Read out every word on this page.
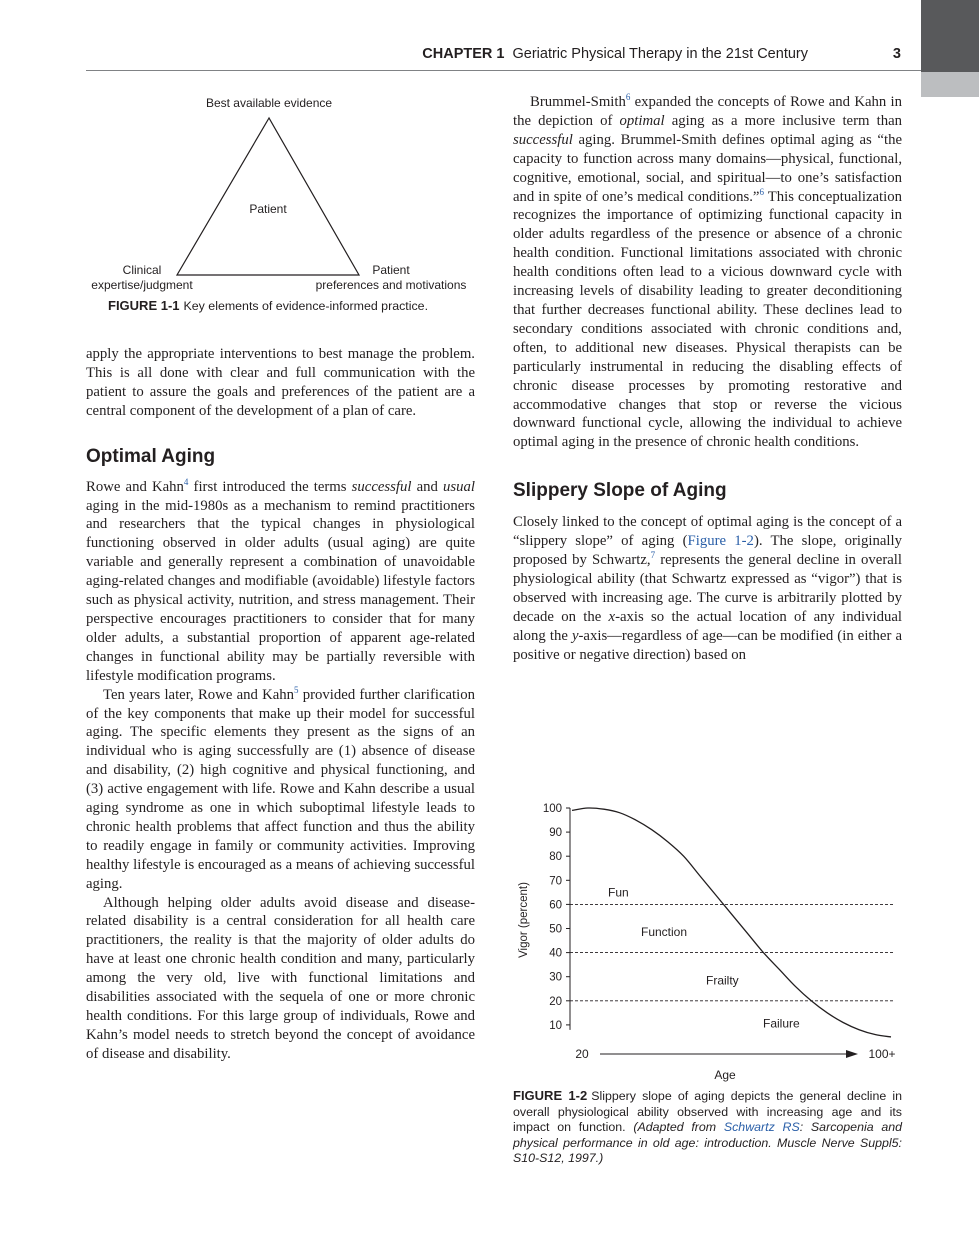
CHAPTER 1 Geriatric Physical Therapy in the 21st Century	3
Best available evidence
Patient
Clinical
expertise/judgment
Patient
preferences and motivations
FIGURE 1-1 Key elements of evidence-informed practice.

apply the appropriate interventions to best manage the problem. This is all done with clear and full communication with the patient to assure the goals and preferences of the patient are a central component of the development of a plan of care.

Optimal Aging

Rowe and Kahn$^4$ first introduced the terms successful and usual aging in the mid-1980s as a mechanism to remind practitioners and researchers that the typical changes in physiological functioning observed in older adults (usual aging) are quite variable and generally represent a combination of unavoidable aging-related changes and modifiable (avoidable) lifestyle factors such as physical activity, nutrition, and stress management. Their perspective encourages practitioners to consider that for many older adults, a substantial proportion of apparent age-related changes in functional ability may be partially reversible with lifestyle modification programs.

Ten years later, Rowe and Kahn$^5$ provided further clarification of the key components that make up their model for successful aging. The specific elements they present as the signs of an individual who is aging successfully are (1) absence of disease and disability, (2) high cognitive and physical functioning, and (3) active engagement with life. Rowe and Kahn describe a usual aging syndrome as one in which suboptimal lifestyle leads to chronic health problems that affect function and thus the ability to readily engage in family or community activities. Improving healthy lifestyle is encouraged as a means of achieving successful aging.

Although helping older adults avoid disease and disease-related disability is a central consideration for all health care practitioners, the reality is that the majority of older adults do have at least one chronic health condition and many, particularly among the very old, live with functional limitations and disabilities associated with the sequela of one or more chronic health conditions. For this large group of individuals, Rowe and Kahn’s model needs to stretch beyond the concept of avoidance of disease and disability.

Brummel-Smith$^6$ expanded the concepts of Rowe and Kahn in the depiction of optimal aging as a more inclusive term than successful aging. Brummel-Smith defines optimal aging as “the capacity to function across many domains—physical, functional, cognitive, emotional, social, and spiritual—to one’s satisfaction and in spite of one’s medical conditions.”$^6$ This conceptualization recognizes the importance of optimizing functional capacity in older adults regardless of the presence or absence of a chronic health condition. Functional limitations associated with chronic health conditions often lead to a vicious downward cycle with increasing levels of disability leading to greater deconditioning that further decreases functional ability. These declines lead to secondary conditions associated with chronic conditions and, often, to additional new diseases. Physical therapists can be particularly instrumental in reducing the disabling effects of chronic disease processes by promoting restorative and accommodative changes that stop or reverse the vicious downward functional cycle, allowing the individual to achieve optimal aging in the presence of chronic health conditions.

Slippery Slope of Aging

Closely linked to the concept of optimal aging is the concept of a “slippery slope” of aging (Figure 1-2). The slope, originally proposed by Schwartz,$^7$ represents the general decline in overall physiological ability (that Schwartz expressed as “vigor”) that is observed with increasing age. The curve is arbitrarily plotted by decade on the x-axis so the actual location of any individual along the y-axis—regardless of age—can be modified (in either a positive or negative direction) based on

Vigor (percent)
100
90
80
70
60
50
40
30
20
10
Fun
Function
Frailty
Failure
20	100+
Age
FIGURE 1-2 Slippery slope of aging depicts the general decline in overall physiological ability observed with increasing age and its impact on function. (Adapted from Schwartz RS: Sarcopenia and physical performance in old age: introduction. Muscle Nerve Suppl5: S10-S12, 1997.)
